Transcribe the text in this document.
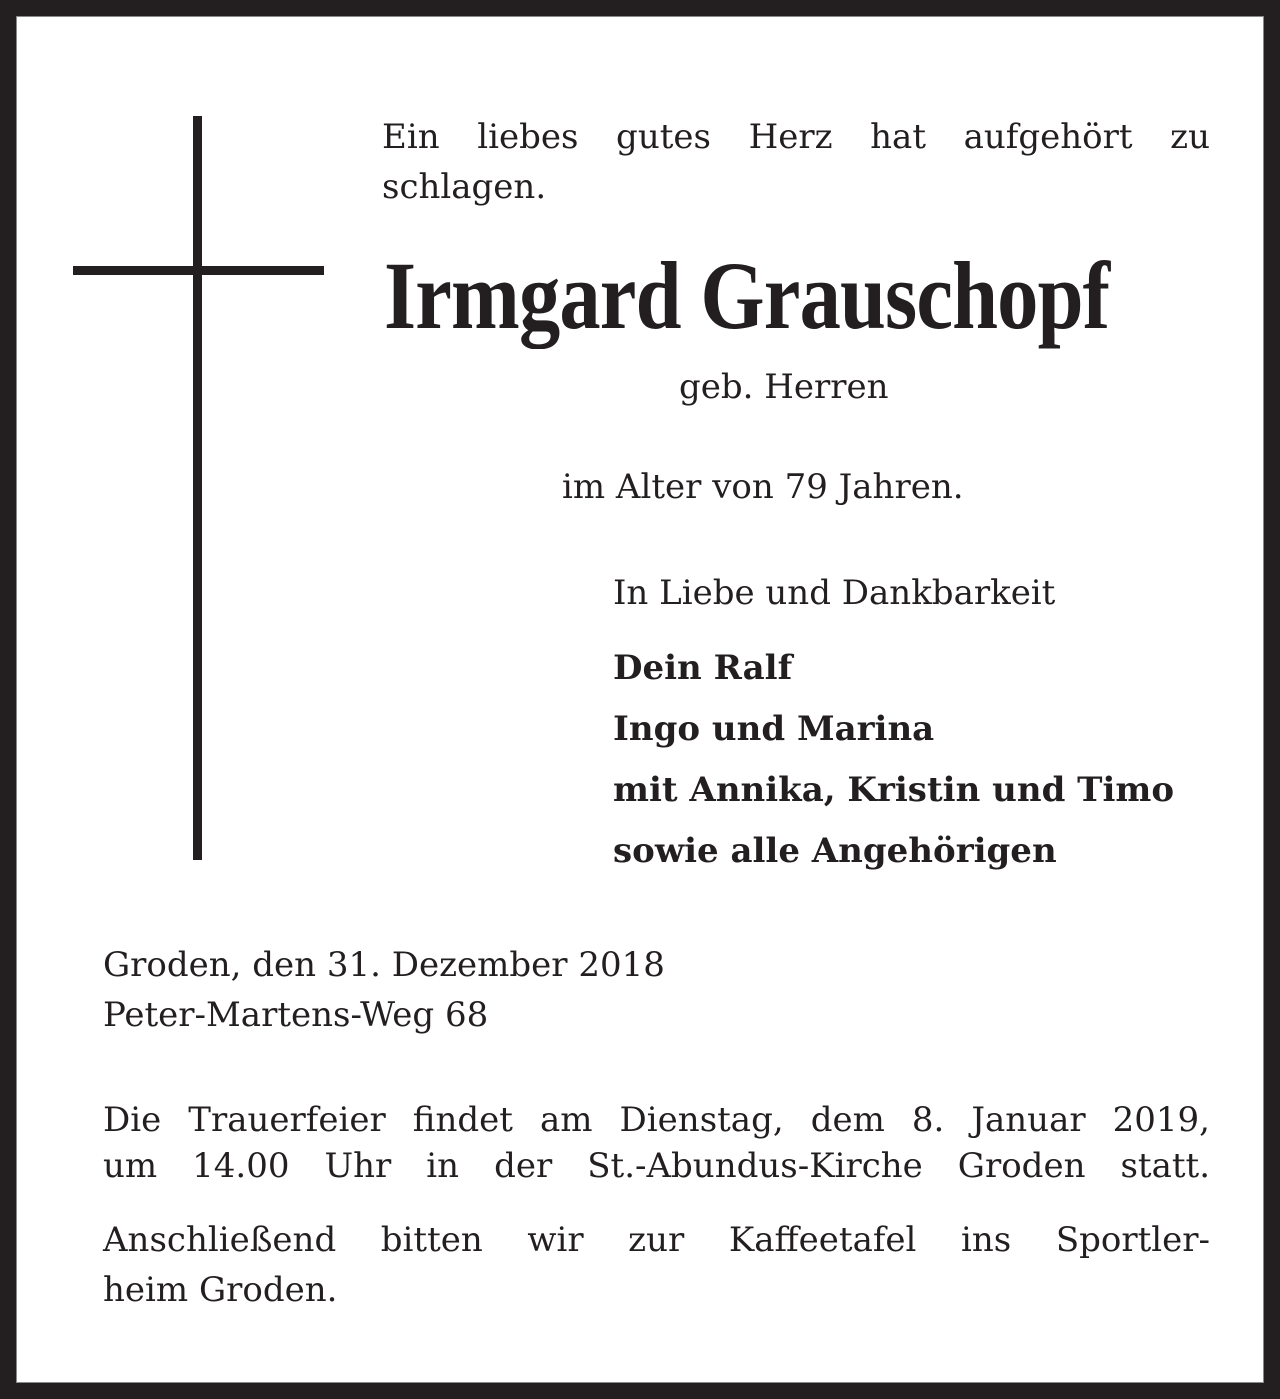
Ein liebes gutes Herz hat aufgehört zu
schlagen.
Irmgard Grauschopf
geb. Herren
im Alter von 79 Jahren.
In Liebe und Dankbarkeit
Dein Ralf
Ingo und Marina
mit Annika, Kristin und Timo
sowie alle Angehörigen
Groden, den 31. Dezember 2018
Peter-Martens-Weg 68
Die Trauerfeier findet am Dienstag, dem 8. Januar 2019,
um 14.00 Uhr in der St.-Abundus-Kirche Groden statt.
Anschließend bitten wir zur Kaffeetafel ins Sportler-
heim Groden.
